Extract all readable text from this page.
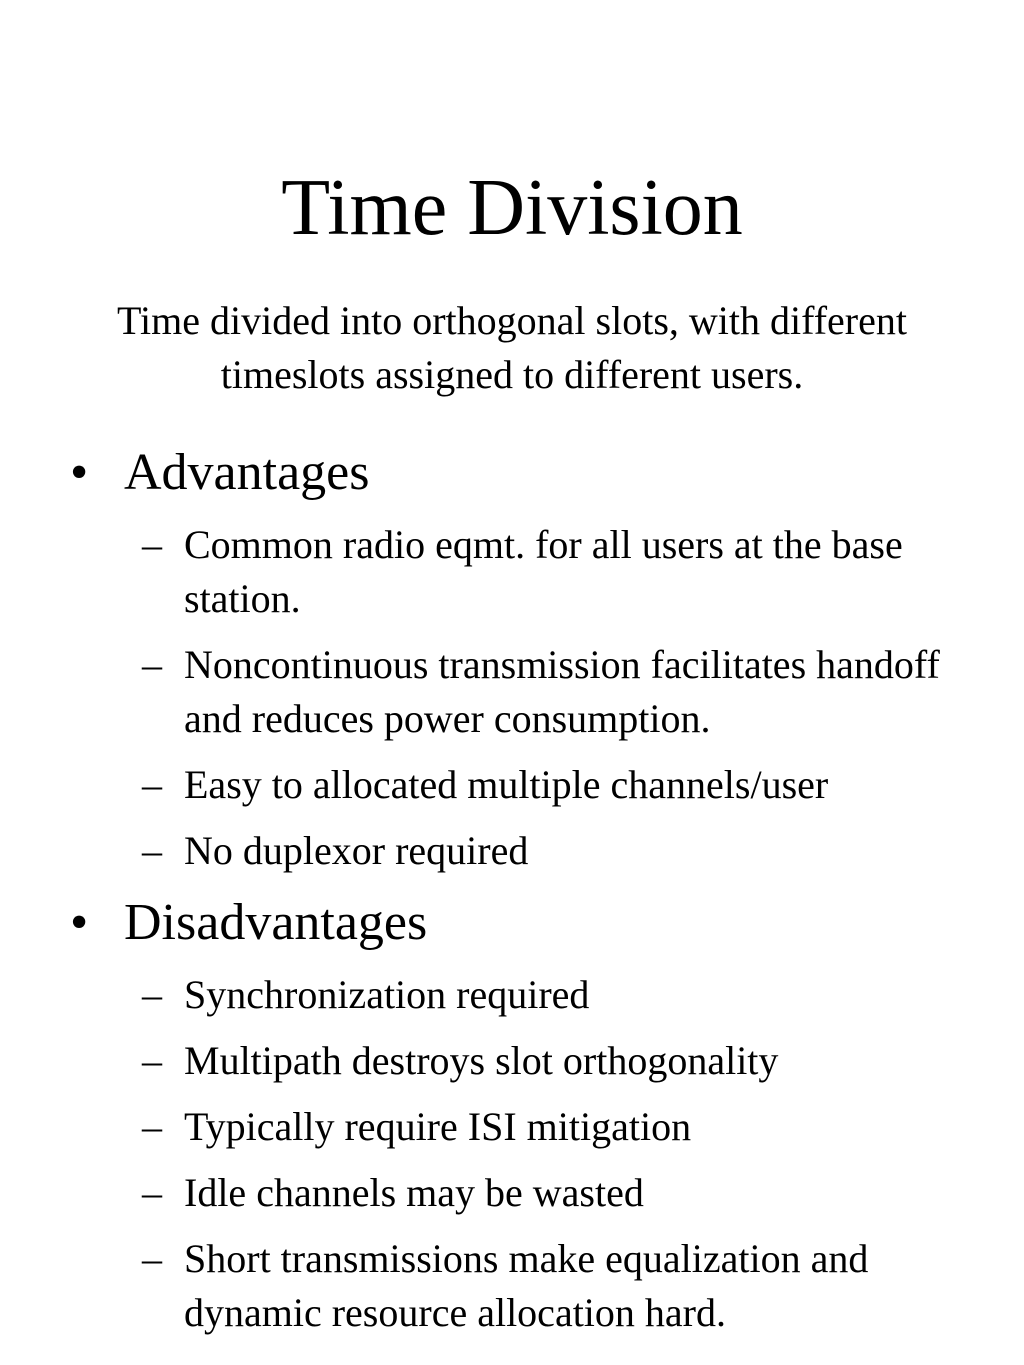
Time Division

Time divided into orthogonal slots, with different timeslots assigned to different users.

• Advantages
– Common radio eqmt. for all users at the base station.
– Noncontinuous transmission facilitates handoff and reduces power consumption.
– Easy to allocated multiple channels/user
– No duplexor required
• Disadvantages
– Synchronization required
– Multipath destroys slot orthogonality
– Typically require ISI mitigation
– Idle channels may be wasted
– Short transmissions make equalization and dynamic resource allocation hard.
